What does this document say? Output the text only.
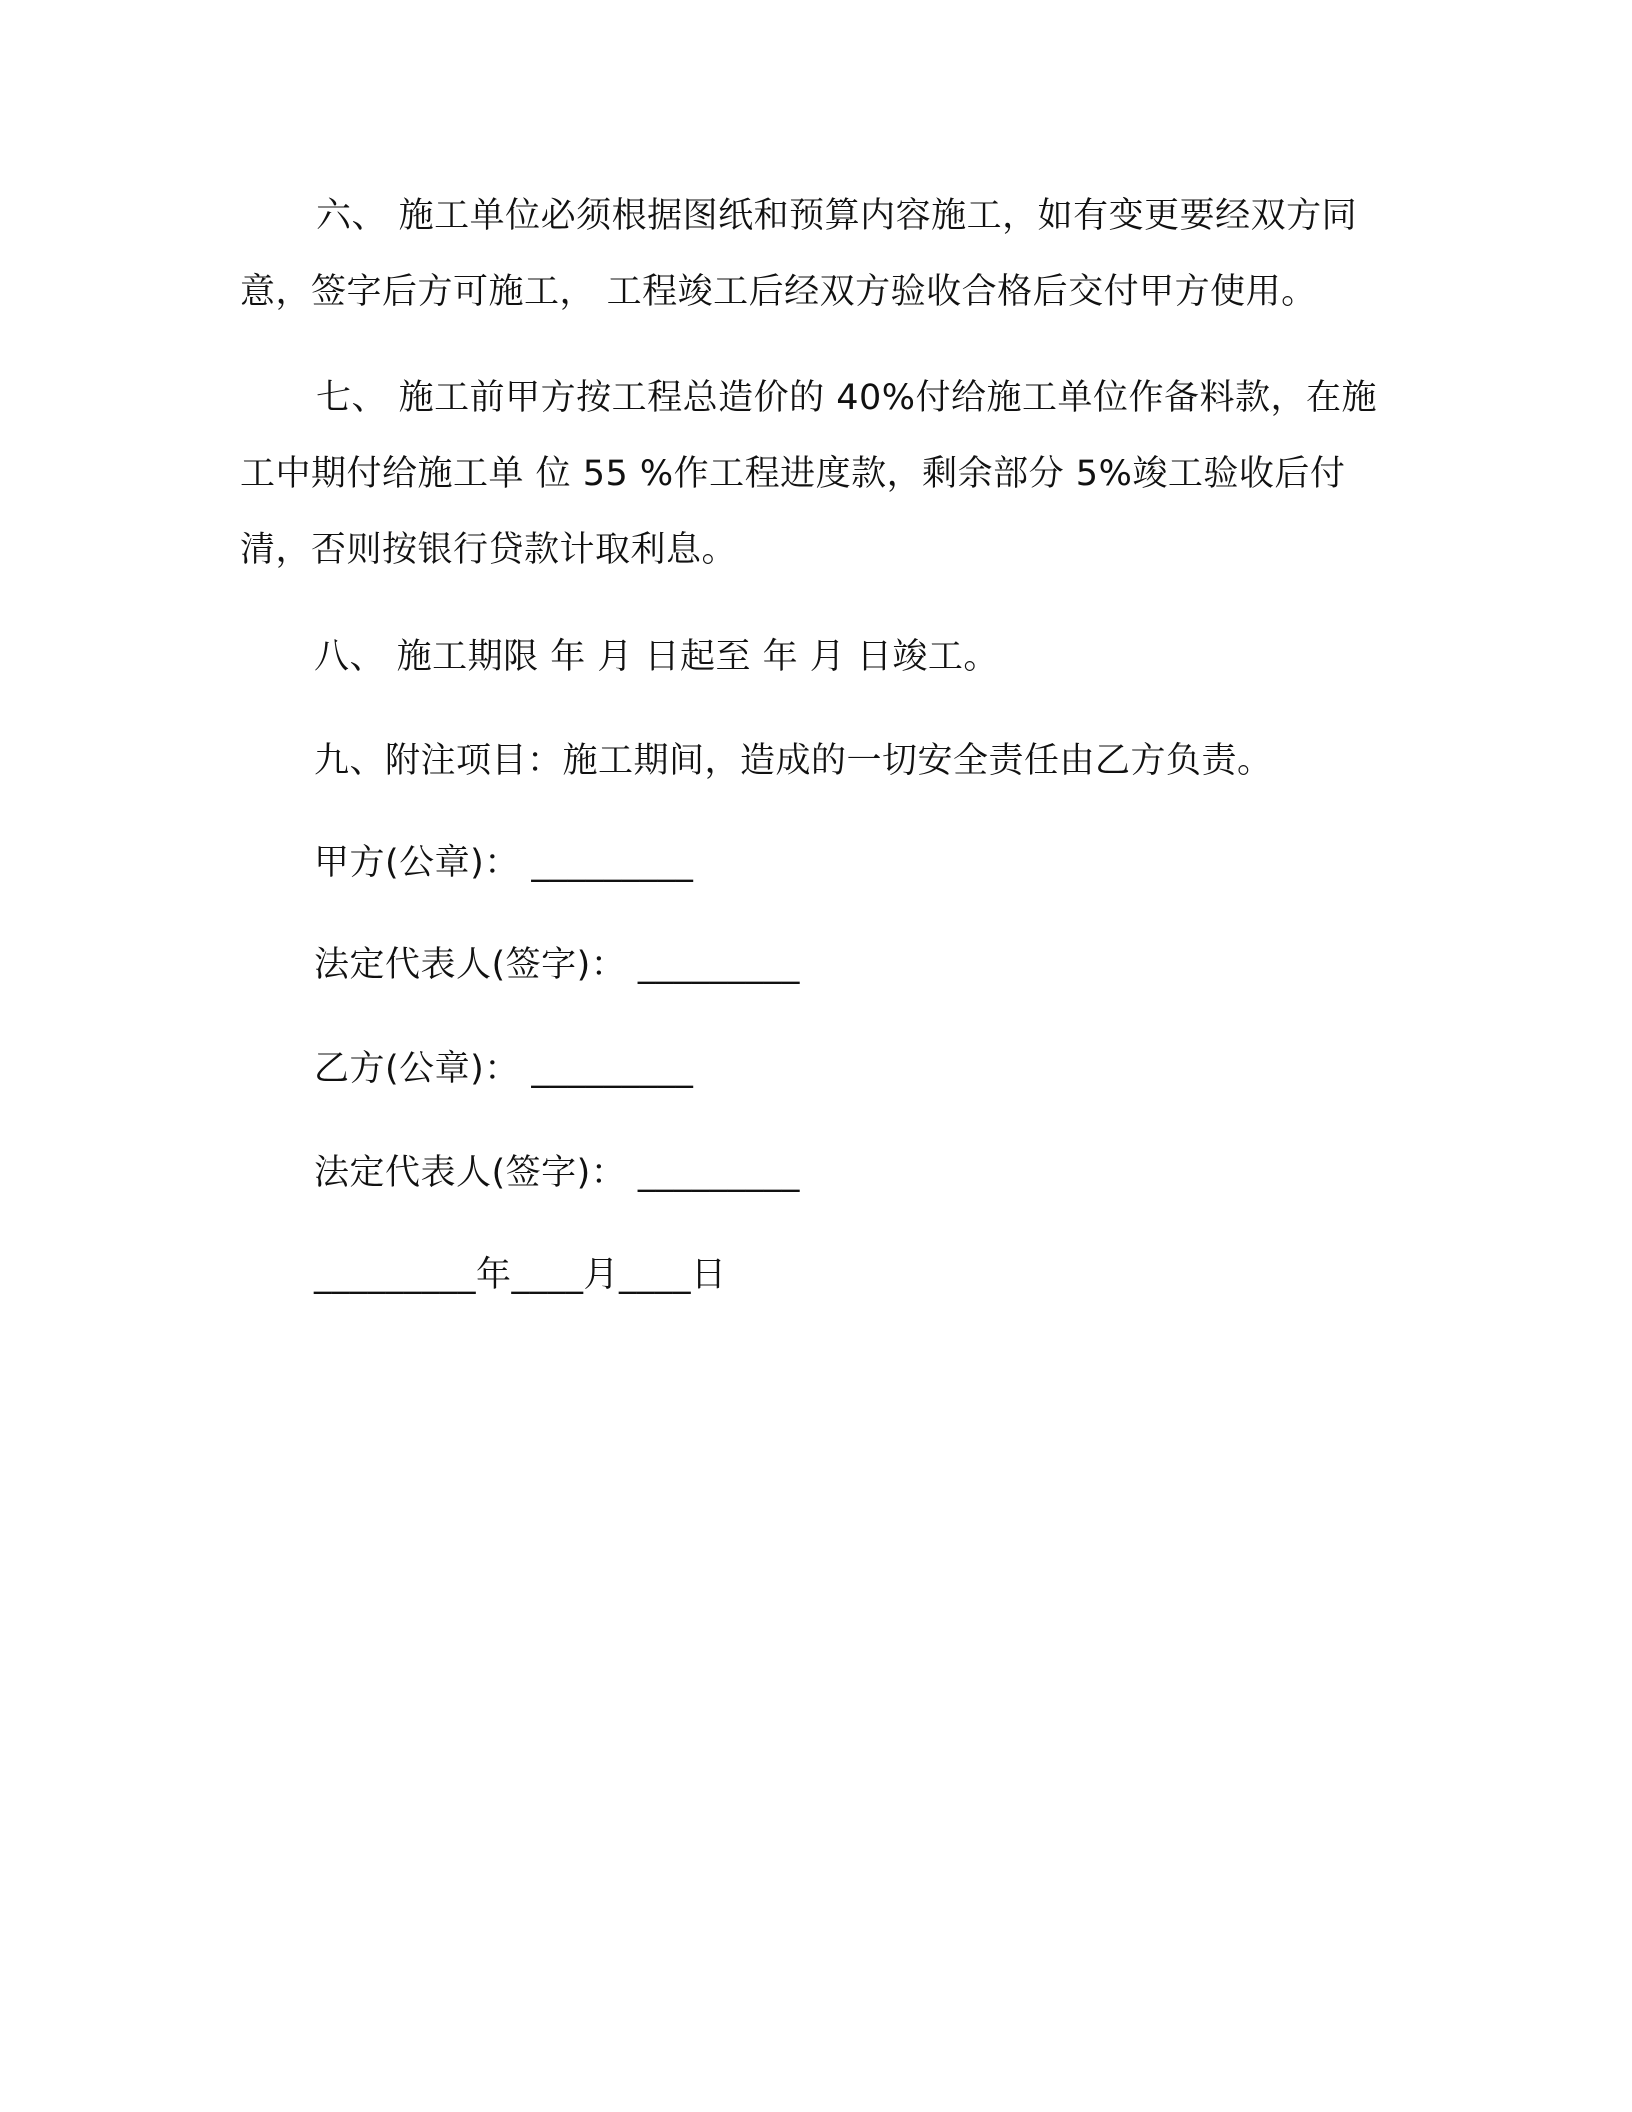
六、 施工单位必须根据图纸和预算内容施工，如有变更要经双方同意，签字后方可施工， 工程竣工后经双方验收合格后交付甲方使用。

七、 施工前甲方按工程总造价的 40%付给施工单位作备料款，在施工中期付给施工单 位 55 %作工程进度款，剩余部分 5%竣工验收后付清，否则按银行贷款计取利息。

八、 施工期限 年 月 日起至 年 月 日竣工。
九、附注项目：施工期间，造成的一切安全责任由乙方负责。
甲方(公章)： _________
法定代表人(签字)： _________
乙方(公章)： _________
法定代表人(签字)： _________
_________年____月____日
